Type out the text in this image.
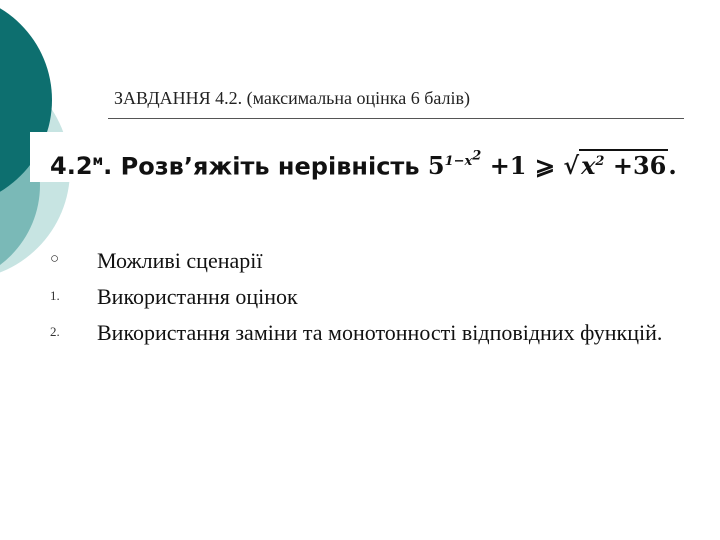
ЗАВДАННЯ 4.2. (максимальна оцінка 6 балів)
$4.2^м$. Розв’яжіть нерівність $5^{1-x^2} +1$ ⩾ $√x^2 +36$.
○ Можливі сценарії
1. Використання оцінок
2. Використання заміни та монотонності відповідних функцій.
